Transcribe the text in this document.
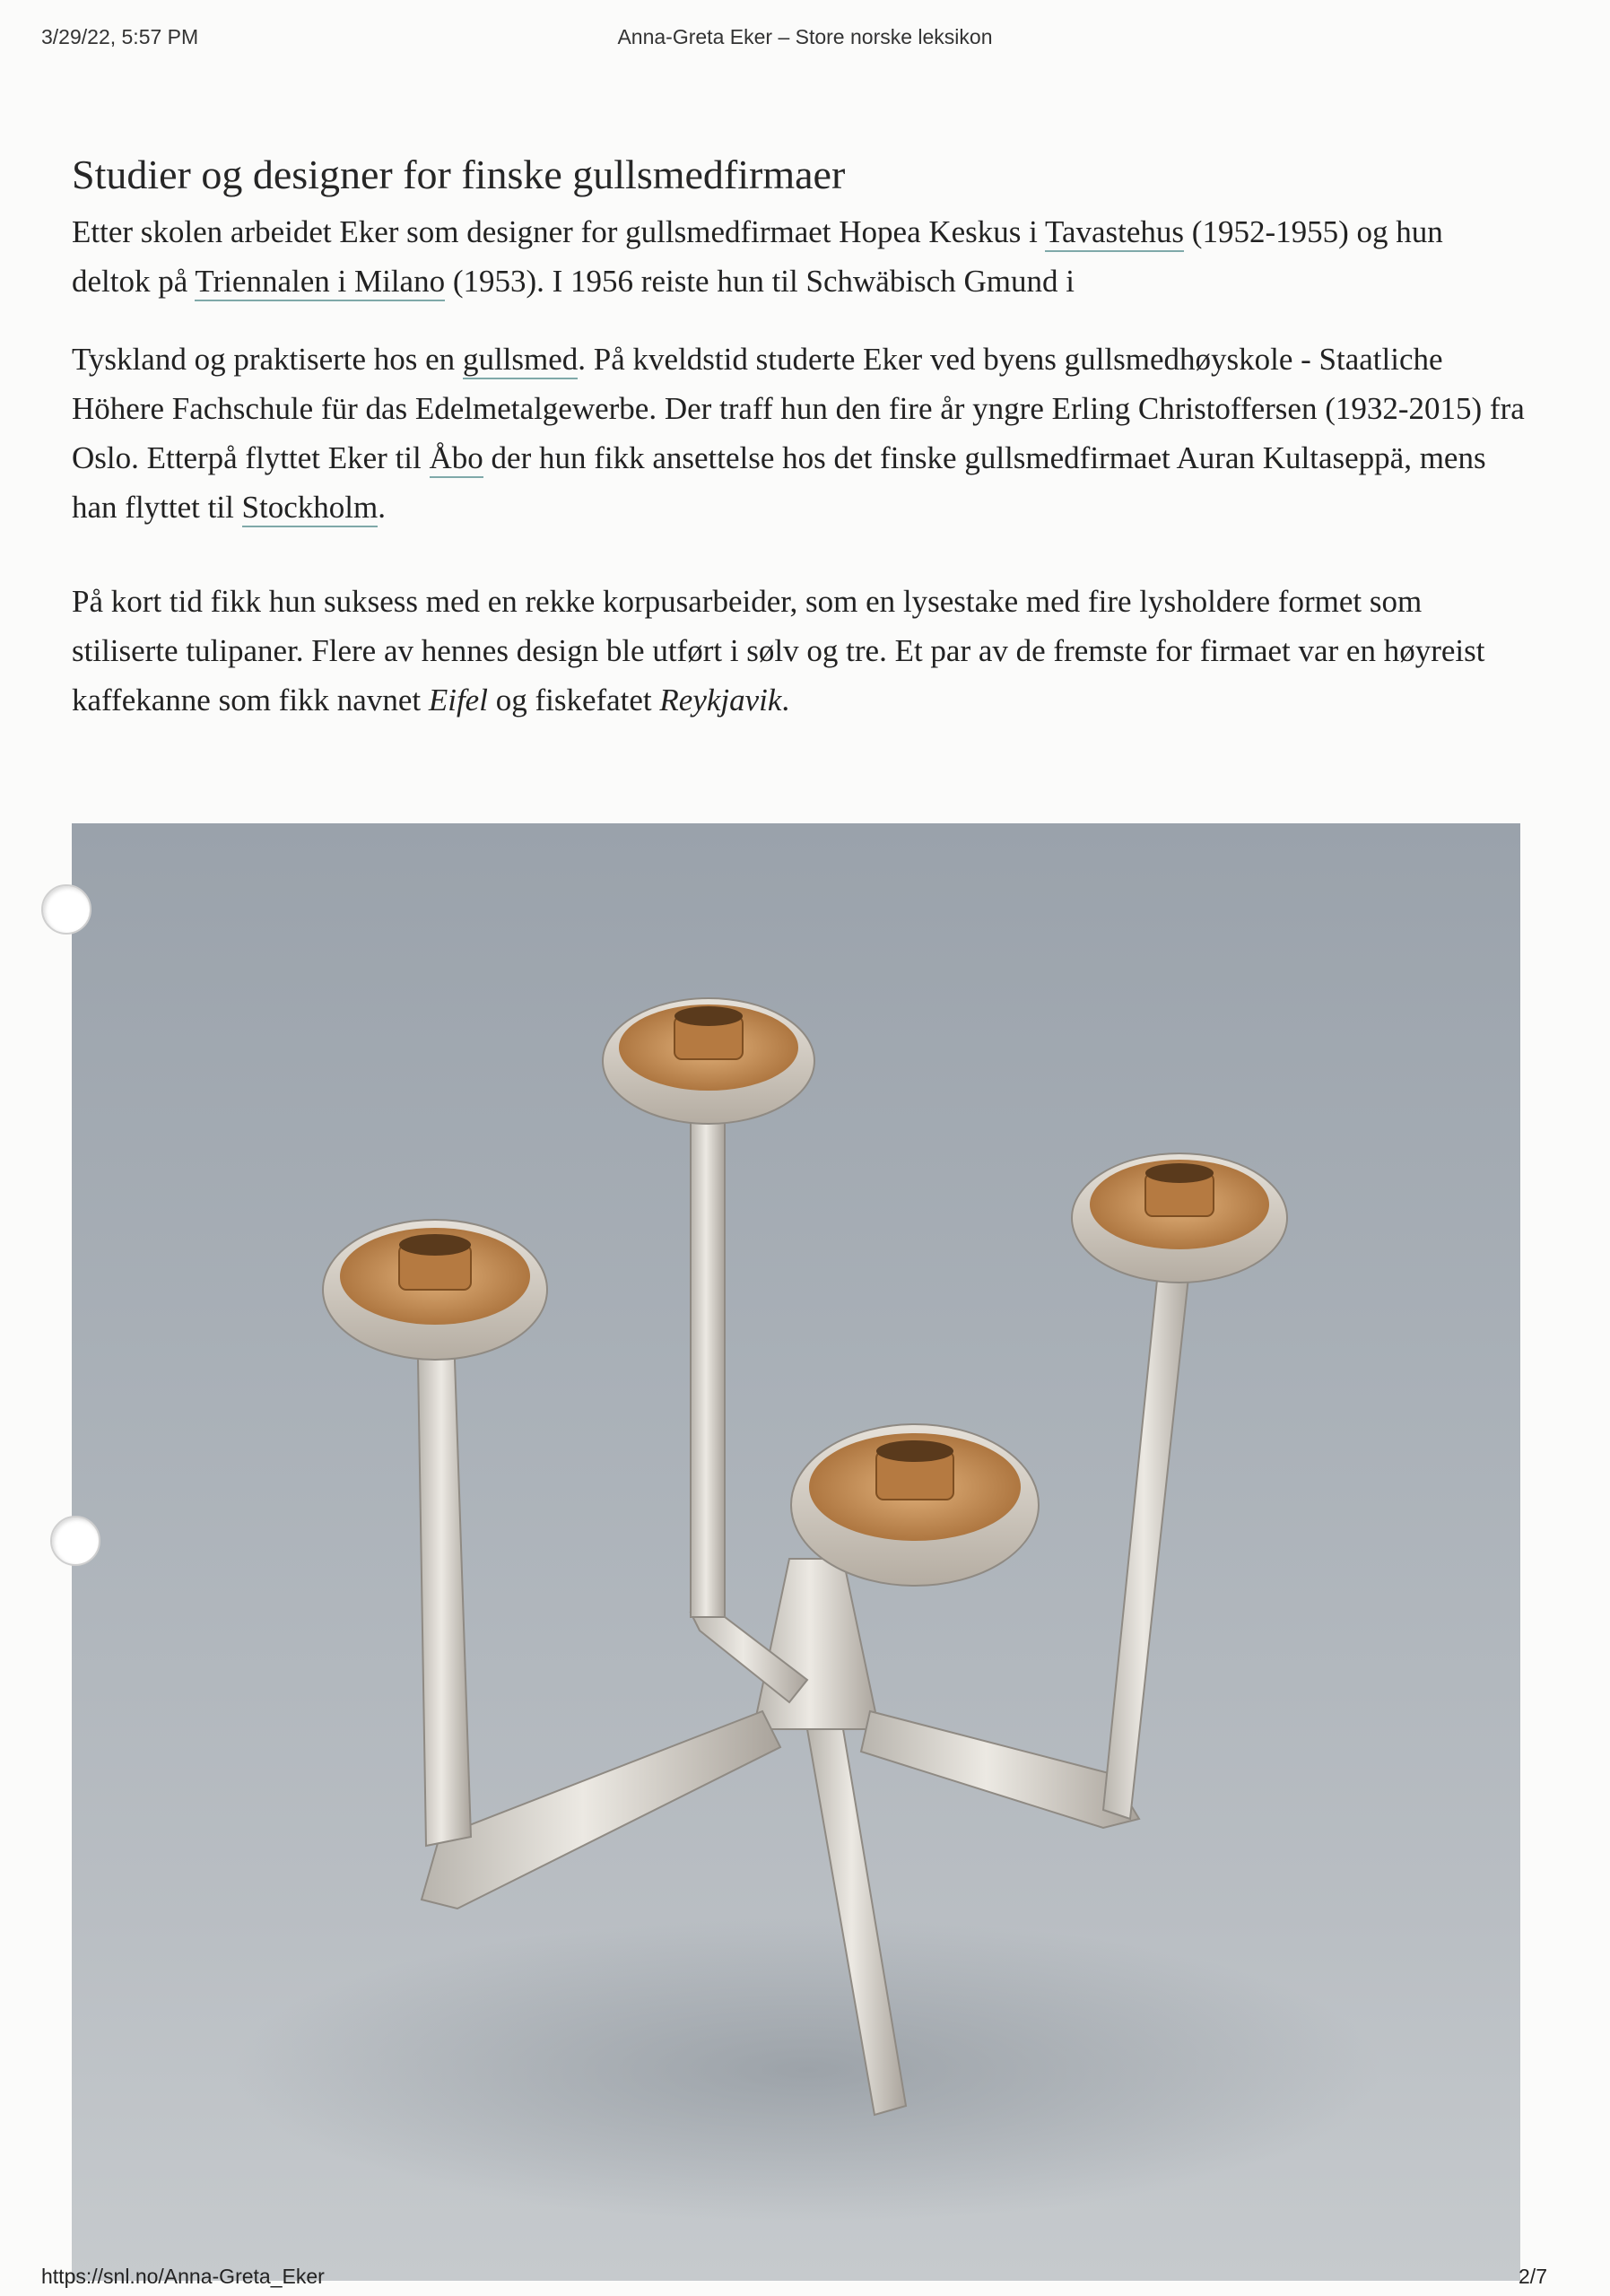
3/29/22, 5:57 PM	Anna-Greta Eker – Store norske leksikon
Studier og designer for finske gullsmedfirmaer

Etter skolen arbeidet Eker som designer for gullsmedfirmaet Hopea Keskus i Tavastehus (1952-1955) og hun deltok på Triennalen i Milano (1953). I 1956 reiste hun til Schwäbisch Gmund i

Tyskland og praktiserte hos en gullsmed. På kveldstid studerte Eker ved byens gullsmedhøyskole - Staatliche Höhere Fachschule für das Edelmetalgewerbe. Der traff hun den fire år yngre Erling Christoffersen (1932-2015) fra Oslo. Etterpå flyttet Eker til Åbo der hun fikk ansettelse hos det finske gullsmedfirmaet Auran Kultaseppä, mens han flyttet til Stockholm.

På kort tid fikk hun suksess med en rekke korpusarbeider, som en lysestake med fire lysholdere formet som stiliserte tulipaner. Flere av hennes design ble utført i sølv og tre. Et par av de fremste for firmaet var en høyreist kaffekanne som fikk navnet Eifel og fiskefatet Reykjavik.

https://snl.no/Anna-Greta_Eker	2/7
